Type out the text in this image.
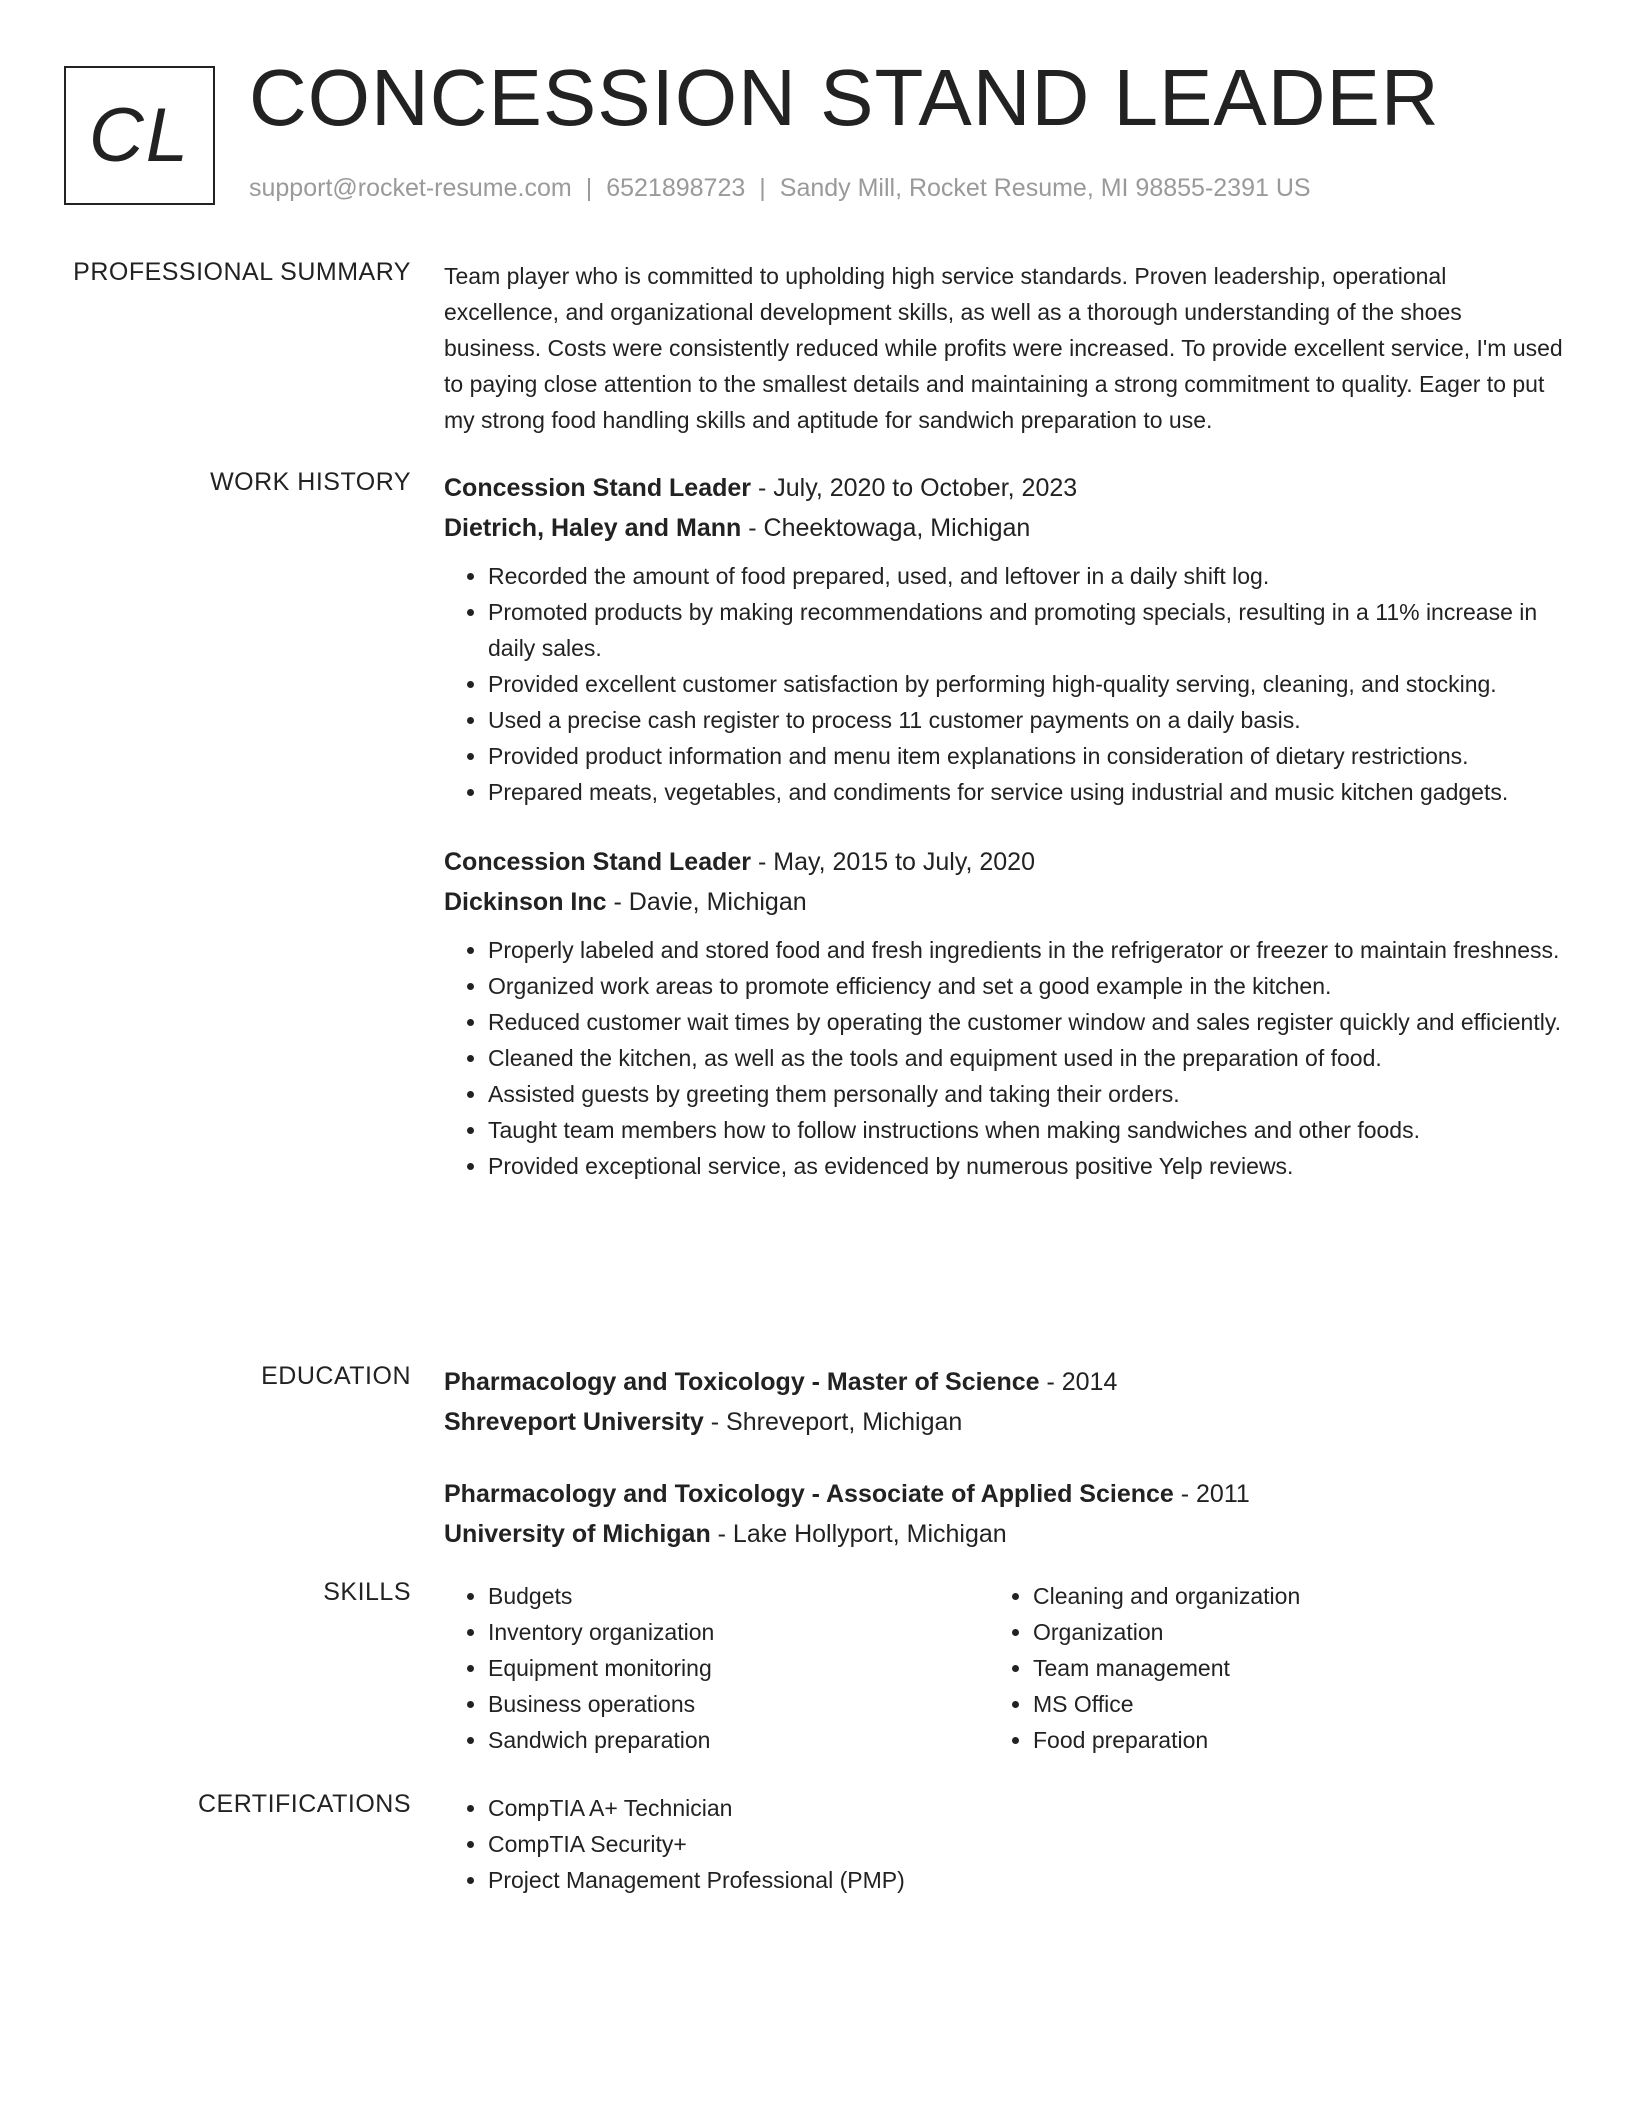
CL CONCESSION STAND LEADER
support@rocket-resume.com | 6521898723 | Sandy Mill, Rocket Resume, MI 98855-2391 US
PROFESSIONAL SUMMARY Team player who is committed to upholding high service standards. Proven leadership, operational excellence, and organizational development skills, as well as a thorough understanding of the shoes business. Costs were consistently reduced while profits were increased. To provide excellent service, I'm used to paying close attention to the smallest details and maintaining a strong commitment to quality. Eager to put my strong food handling skills and aptitude for sandwich preparation to use.

WORK HISTORY Concession Stand Leader - July, 2020 to October, 2023
Dietrich, Haley and Mann - Cheektowaga, Michigan
• Recorded the amount of food prepared, used, and leftover in a daily shift log.
• Promoted products by making recommendations and promoting specials, resulting in a 11% increase in daily sales.
• Provided excellent customer satisfaction by performing high-quality serving, cleaning, and stocking.
• Used a precise cash register to process 11 customer payments on a daily basis.
• Provided product information and menu item explanations in consideration of dietary restrictions.
• Prepared meats, vegetables, and condiments for service using industrial and music kitchen gadgets.
Concession Stand Leader - May, 2015 to July, 2020
Dickinson Inc - Davie, Michigan
• Properly labeled and stored food and fresh ingredients in the refrigerator or freezer to maintain freshness.
• Organized work areas to promote efficiency and set a good example in the kitchen.
• Reduced customer wait times by operating the customer window and sales register quickly and efficiently.
• Cleaned the kitchen, as well as the tools and equipment used in the preparation of food.
• Assisted guests by greeting them personally and taking their orders.
• Taught team members how to follow instructions when making sandwiches and other foods.
• Provided exceptional service, as evidenced by numerous positive Yelp reviews.
EDUCATION Pharmacology and Toxicology - Master of Science - 2014
Shreveport University - Shreveport, Michigan
Pharmacology and Toxicology - Associate of Applied Science - 2011
University of Michigan - Lake Hollyport, Michigan
SKILLS	• Budgets
• Inventory organization
• Equipment monitoring
• Business operations
• Sandwich preparation
• Cleaning and organization
• Organization
• Team management
• MS Office
• Food preparation
CERTIFICATIONS	• CompTIA A+ Technician
• CompTIA Security+
• Project Management Professional (PMP)
